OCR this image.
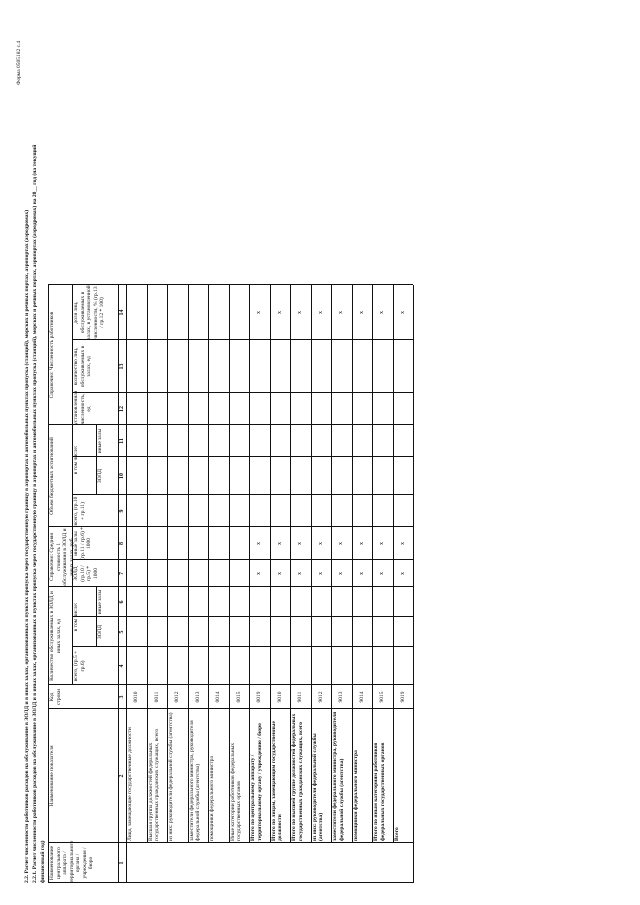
Форма 0505182 с.4
2.2. Расчет численности работников расходов на обслуживание в ЗОЛД и в иных залах, организованных в пунктах пропуска через государственную границу в аэропортах и автомобильных пунктах пропуска (станций), морских и речных портах, аэропортах (аэродромах) 2.2.1. Расчет численности работников расходов на обслуживание в ЗОЛД и в иных залах, организованных в пунктах пропуска через государственную границу в аэропортах и автомобильных пунктах пропуска (станций), морских и речных портах, аэропортах (аэродромах) на 20__ год (на текущий финансовый год) Наименование центрального аппарата / территориального органа / учреждения / бюро
Наименование показателя
Код строки
Количество обслуживаемых в ЗОЛД и иных залах, ед
всего, (гр.5 + гр.6)
в том числе:
ЗОЛД
иные залы
Справочно: Средняя стоимость 1 обслуживания в ЗОЛД и иных залах, руб
ЗОЛД (гр.10 / гр.5) * 1000
иные залы (гр.11 / гр.6) * 1000
Объем бюджетных ассигнований	всего, (гр.10 + гр.11)
в том числе:
ЗОЛД
иные залы
Справочно: Численность работников
установленная численность, ед
количество лиц, обслуживаемых в залах, ед
доля лиц, обслуживаемых в залах, в установленной численности, % (гр.13 / гр.12 * 100)
1
2
3
4
5
6
7
8
9
10
11
12
13
14
Лица, замещающие государственные должности
0010
Высшая группа должностей федеральных государственных гражданских служащих, всего
0011
из них: руководители федеральной службы (агентства)
0012
заместители федерального министра, руководителя федеральной службы (агентства)
0013
помощники федерального министра
0014
Иные категории работников федеральных государственных органов
0015
Итого по центральному аппарату / территориальному органу / учреждению / бюро
0019
x
x
x
Итого по лицам, замещающим государственные должности
9010
x
x
x
Итого по высшей группе должностей федеральных государственных гражданских служащих, всего
9011
x
x
x
из них: руководители федеральной службы (агентства)
9012
x
x
x
заместители федерального министра, руководителя федеральной службы (агентства)
9013
x
x
x
помощники федерального министра
9014
x
x
x
Итого по иным категориям работников федеральных государственных органов
9015
x
x
x
Всего
9019
x
x
x
